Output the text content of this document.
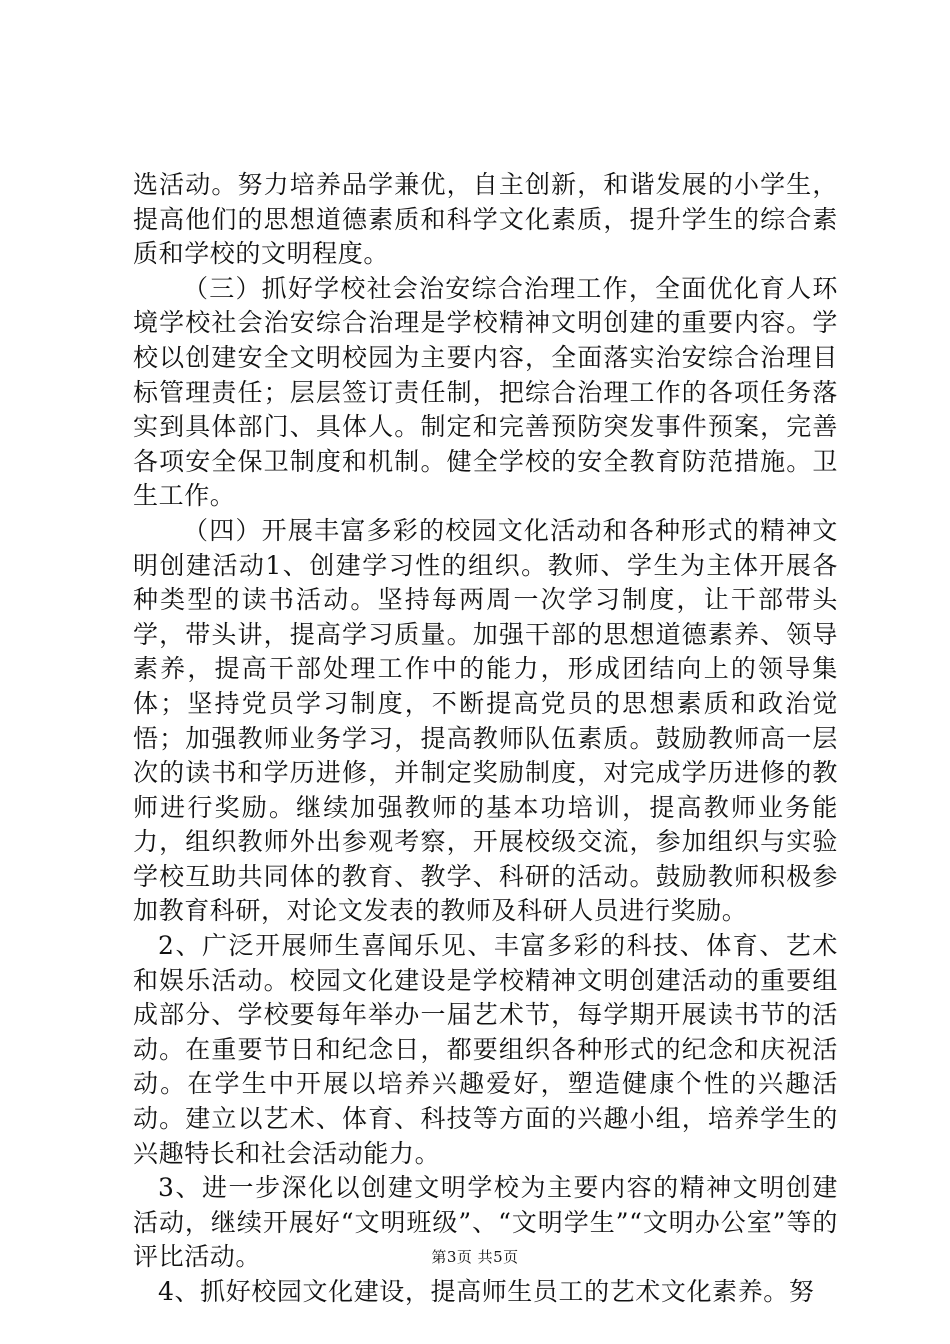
选活动。努力培养品学兼优，自主创新，和谐发展的小学生，提高他们的思想道德素质和科学文化素质，提升学生的综合素质和学校的文明程度。

（三）抓好学校社会治安综合治理工作，全面优化育人环境学校社会治安综合治理是学校精神文明创建的重要内容。学校以创建安全文明校园为主要内容，全面落实治安综合治理目标管理责任；层层签订责任制，把综合治理工作的各项任务落实到具体部门、具体人。制定和完善预防突发事件预案，完善各项安全保卫制度和机制。健全学校的安全教育防范措施。卫生工作。

（四）开展丰富多彩的校园文化活动和各种形式的精神文明创建活动1、创建学习性的组织。教师、学生为主体开展各种类型的读书活动。坚持每两周一次学习制度，让干部带头学，带头讲，提高学习质量。加强干部的思想道德素养、领导素养，提高干部处理工作中的能力，形成团结向上的领导集体；坚持党员学习制度，不断提高党员的思想素质和政治觉悟；加强教师业务学习，提高教师队伍素质。鼓励教师高一层次的读书和学历进修，并制定奖励制度，对完成学历进修的教师进行奖励。继续加强教师的基本功培训，提高教师业务能力，组织教师外出参观考察，开展校级交流，参加组织与实验学校互助共同体的教育、教学、科研的活动。鼓励教师积极参加教育科研，对论文发表的教师及科研人员进行奖励。

2、广泛开展师生喜闻乐见、丰富多彩的科技、体育、艺术和娱乐活动。校园文化建设是学校精神文明创建活动的重要组成部分、学校要每年举办一届艺术节，每学期开展读书节的活动。在重要节日和纪念日，都要组织各种形式的纪念和庆祝活动。在学生中开展以培养兴趣爱好，塑造健康个性的兴趣活动。建立以艺术、体育、科技等方面的兴趣小组，培养学生的兴趣特长和社会活动能力。

3、进一步深化以创建文明学校为主要内容的精神文明创建活动，继续开展好“文明班级”、“文明学生”“文明办公室”等的评比活动。

4、抓好校园文化建设，提高师生员工的艺术文化素养。努

第3页 共5页
